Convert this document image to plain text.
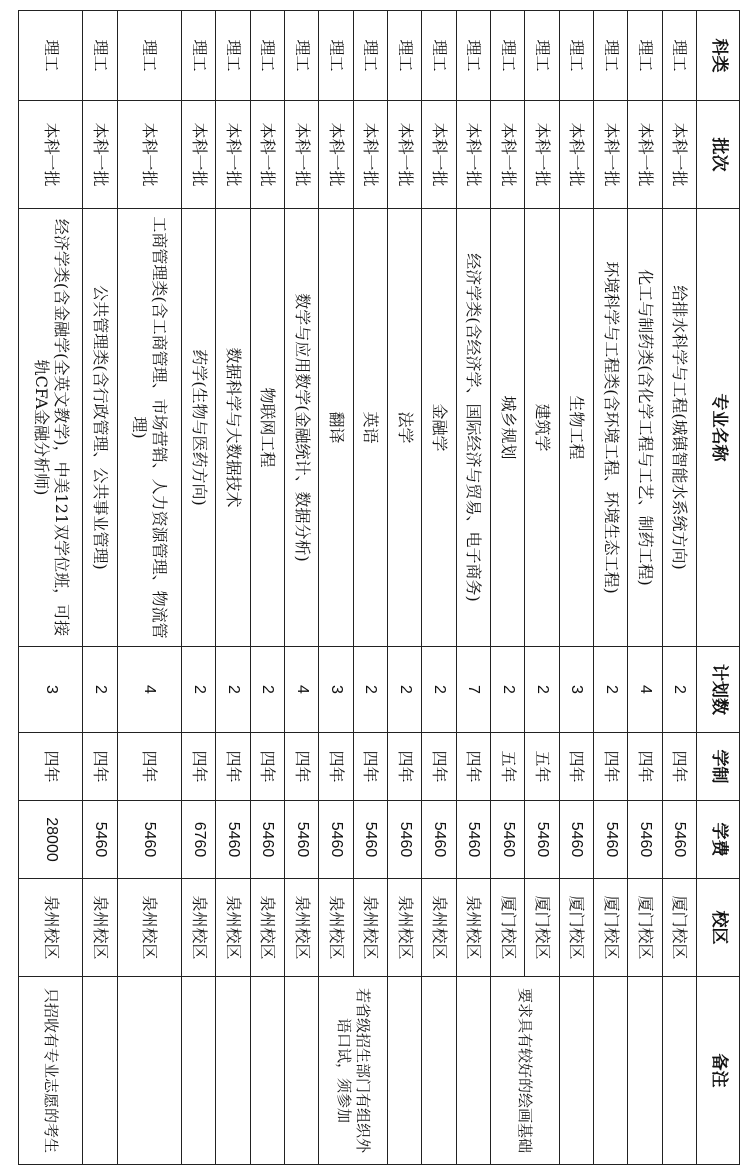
科类	批次	专业名称	计划数	学制	学费	校区	备注
理工	本科一批	给排水科学与工程(城镇智能水系统方向)	2	四年	5460	厦门校区	
理工	本科一批	化工与制药类(含化学工程与工艺、制药工程)	4	四年	5460	厦门校区	
理工	本科一批	环境科学与工程类(含环境工程、环境生态工程)	2	四年	5460	厦门校区	
理工	本科一批	生物工程	3	四年	5460	厦门校区	
理工	本科一批	建筑学	2	五年	5460	厦门校区	要求具有较好的绘画基础
理工	本科一批	城乡规划	2	五年	5460	厦门校区	
理工	本科一批	经济学类(含经济学、国际经济与贸易、电子商务)	7	四年	5460	泉州校区	
理工	本科一批	金融学	2	四年	5460	泉州校区	
理工	本科一批	法学	2	四年	5460	泉州校区	
理工	本科一批	英语	2	四年	5460	泉州校区	若省级招生部门有组织外语口试，须参加
理工	本科一批	翻译	3	四年	5460	泉州校区	
理工	本科一批	数学与应用数学(金融统计、数据分析)	4	四年	5460	泉州校区	
理工	本科一批	物联网工程	2	四年	5460	泉州校区	
理工	本科一批	数据科学与大数据技术	2	四年	5460	泉州校区	
理工	本科一批	药学(生物与医药方向)	2	四年	6760	泉州校区	
理工	本科一批	工商管理类(含工商管理、市场营销、人力资源管理、物流管理)	4	四年	5460	泉州校区	
理工	本科一批	公共管理类(含行政管理、公共事业管理)	2	四年	5460	泉州校区	
理工	本科一批	经济学类(含金融学(全英文教学)，中美121双学位班，可接轨CFA金融分析师)	3	四年	28000	泉州校区	只招收有专业志愿的考生
